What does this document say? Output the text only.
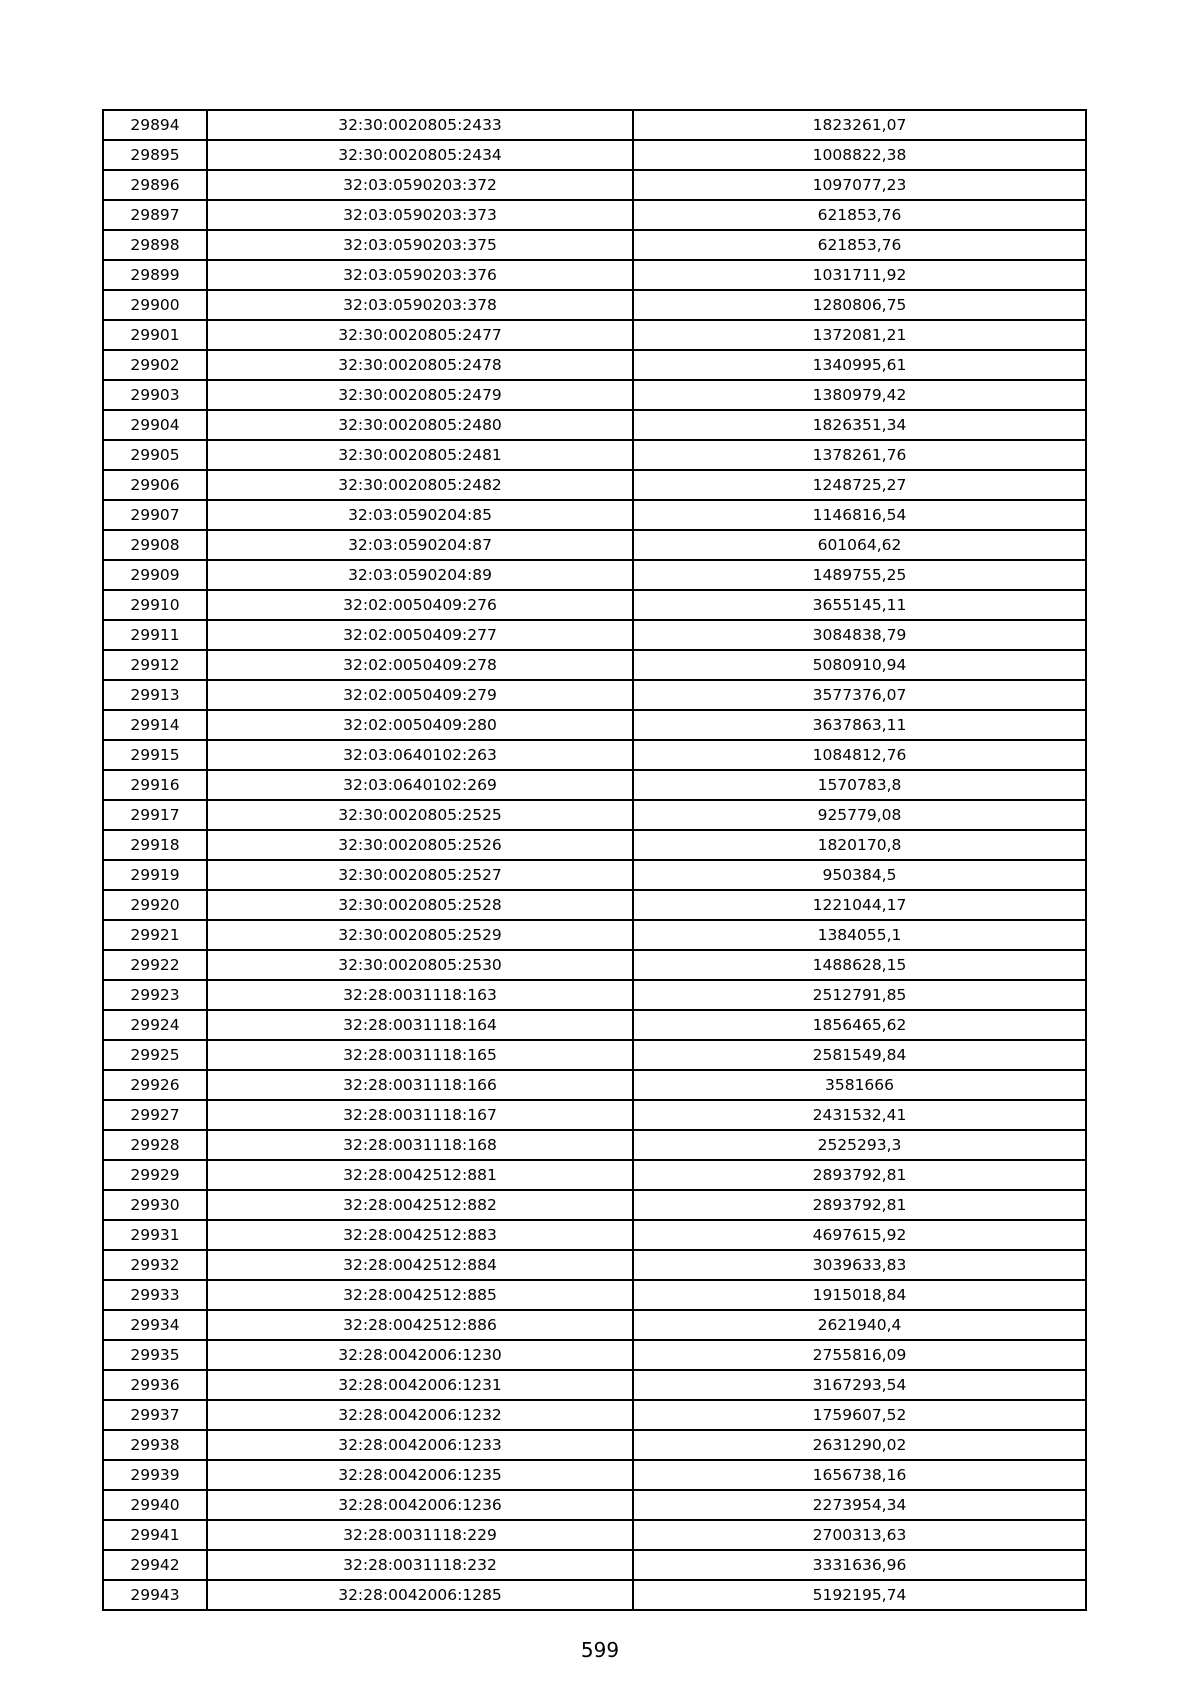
29894	32:30:0020805:2433	1823261,07
29895	32:30:0020805:2434	1008822,38
29896	32:03:0590203:372	1097077,23
29897	32:03:0590203:373	621853,76
29898	32:03:0590203:375	621853,76
29899	32:03:0590203:376	1031711,92
29900	32:03:0590203:378	1280806,75
29901	32:30:0020805:2477	1372081,21
29902	32:30:0020805:2478	1340995,61
29903	32:30:0020805:2479	1380979,42
29904	32:30:0020805:2480	1826351,34
29905	32:30:0020805:2481	1378261,76
29906	32:30:0020805:2482	1248725,27
29907	32:03:0590204:85	1146816,54
29908	32:03:0590204:87	601064,62
29909	32:03:0590204:89	1489755,25
29910	32:02:0050409:276	3655145,11
29911	32:02:0050409:277	3084838,79
29912	32:02:0050409:278	5080910,94
29913	32:02:0050409:279	3577376,07
29914	32:02:0050409:280	3637863,11
29915	32:03:0640102:263	1084812,76
29916	32:03:0640102:269	1570783,8
29917	32:30:0020805:2525	925779,08
29918	32:30:0020805:2526	1820170,8
29919	32:30:0020805:2527	950384,5
29920	32:30:0020805:2528	1221044,17
29921	32:30:0020805:2529	1384055,1
29922	32:30:0020805:2530	1488628,15
29923	32:28:0031118:163	2512791,85
29924	32:28:0031118:164	1856465,62
29925	32:28:0031118:165	2581549,84
29926	32:28:0031118:166	3581666
29927	32:28:0031118:167	2431532,41
29928	32:28:0031118:168	2525293,3
29929	32:28:0042512:881	2893792,81
29930	32:28:0042512:882	2893792,81
29931	32:28:0042512:883	4697615,92
29932	32:28:0042512:884	3039633,83
29933	32:28:0042512:885	1915018,84
29934	32:28:0042512:886	2621940,4
29935	32:28:0042006:1230	2755816,09
29936	32:28:0042006:1231	3167293,54
29937	32:28:0042006:1232	1759607,52
29938	32:28:0042006:1233	2631290,02
29939	32:28:0042006:1235	1656738,16
29940	32:28:0042006:1236	2273954,34
29941	32:28:0031118:229	2700313,63
29942	32:28:0031118:232	3331636,96
29943	32:28:0042006:1285	5192195,74
599
